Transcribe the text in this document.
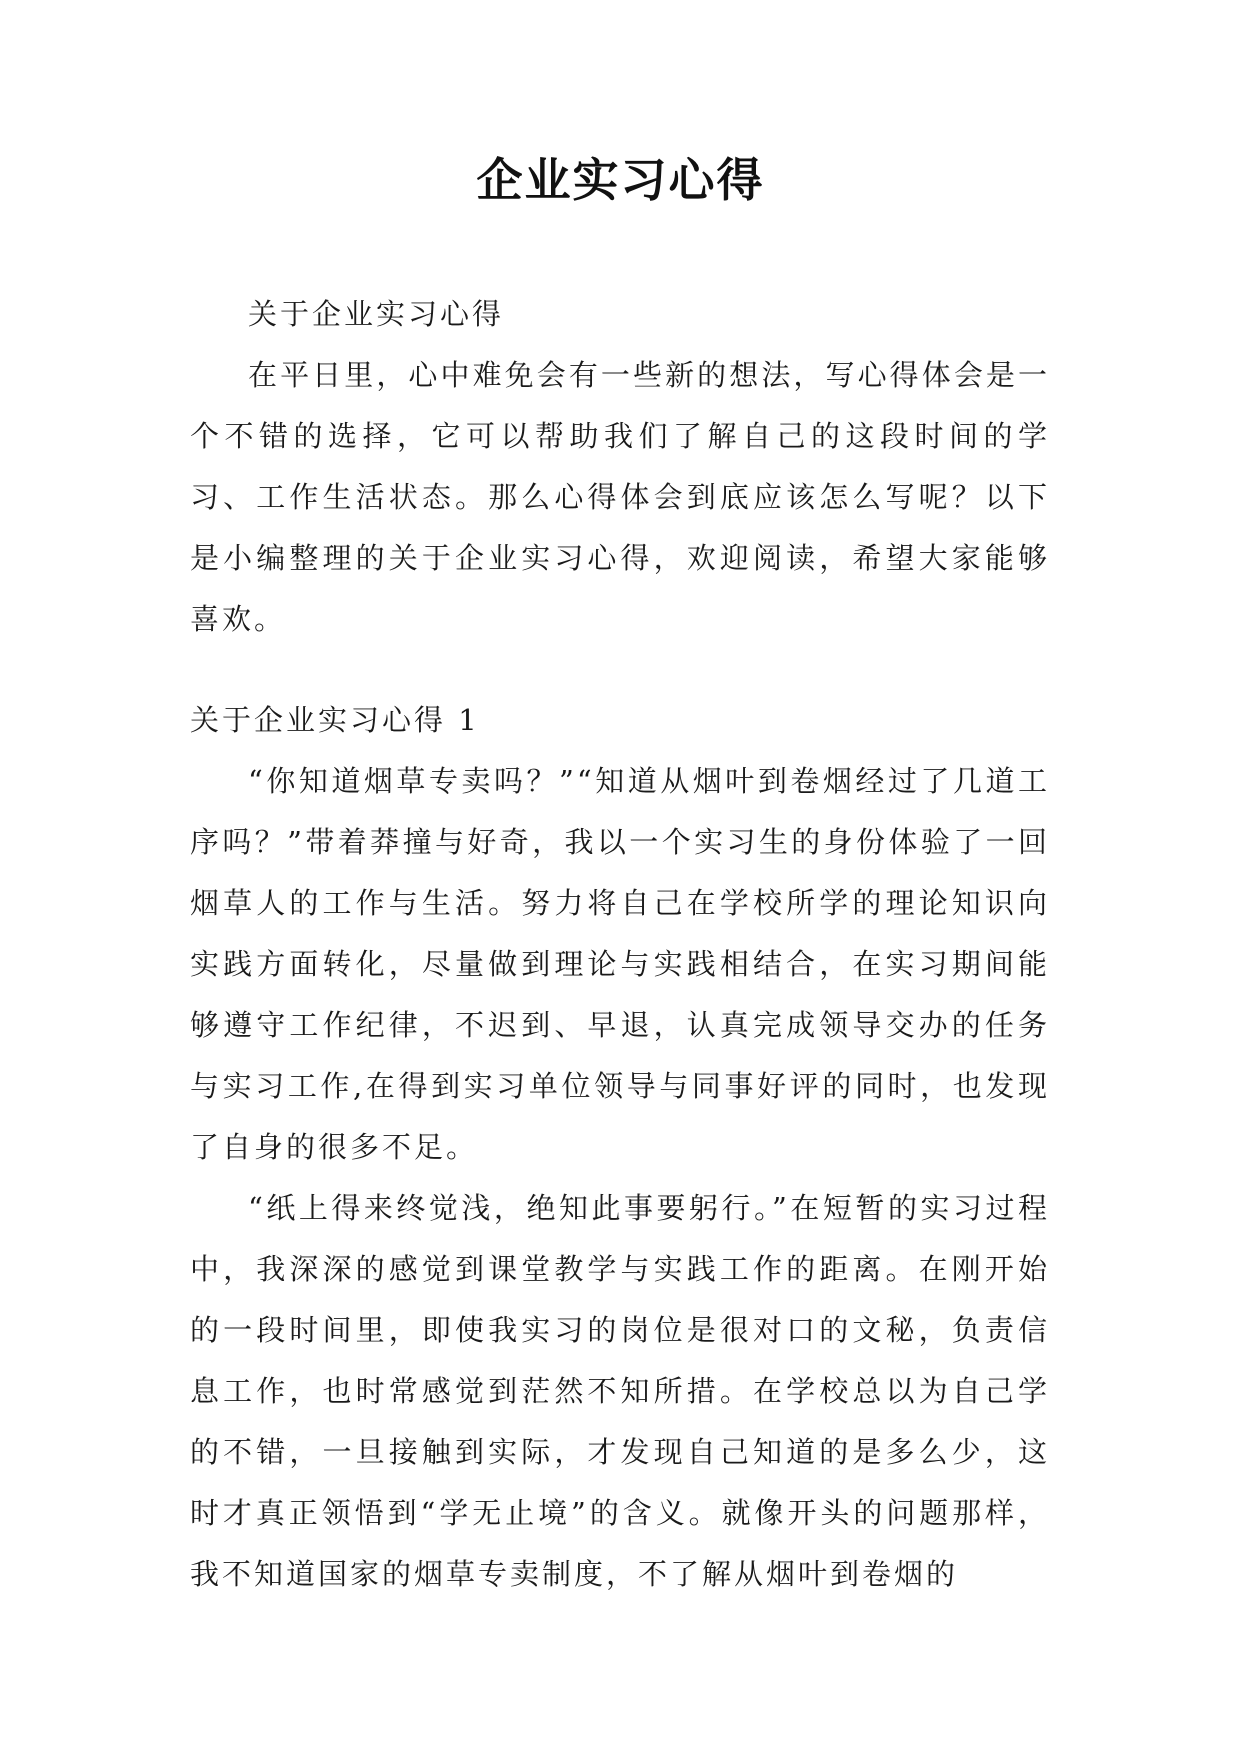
企业实习心得

关于企业实习心得

在平日里，心中难免会有一些新的想法，写心得体会是一个不错的选择，它可以帮助我们了解自己的这段时间的学习、工作生活状态。那么心得体会到底应该怎么写呢？以下是小编整理的关于企业实习心得，欢迎阅读，希望大家能够喜欢。

关于企业实习心得 1

“你知道烟草专卖吗？”“知道从烟叶到卷烟经过了几道工序吗？”带着莽撞与好奇，我以一个实习生的身份体验了一回烟草人的工作与生活。努力将自己在学校所学的理论知识向实践方面转化，尽量做到理论与实践相结合，在实习期间能够遵守工作纪律，不迟到、早退，认真完成领导交办的任务与实习工作,在得到实习单位领导与同事好评的同时，也发现了自身的很多不足。

“纸上得来终觉浅，绝知此事要躬行。”在短暂的实习过程中，我深深的感觉到课堂教学与实践工作的距离。在刚开始的一段时间里，即使我实习的岗位是很对口的文秘，负责信息工作，也时常感觉到茫然不知所措。在学校总以为自己学的不错，一旦接触到实际，才发现自己知道的是多么少，这时才真正领悟到“学无止境”的含义。就像开头的问题那样，我不知道国家的烟草专卖制度，不了解从烟叶到卷烟的
